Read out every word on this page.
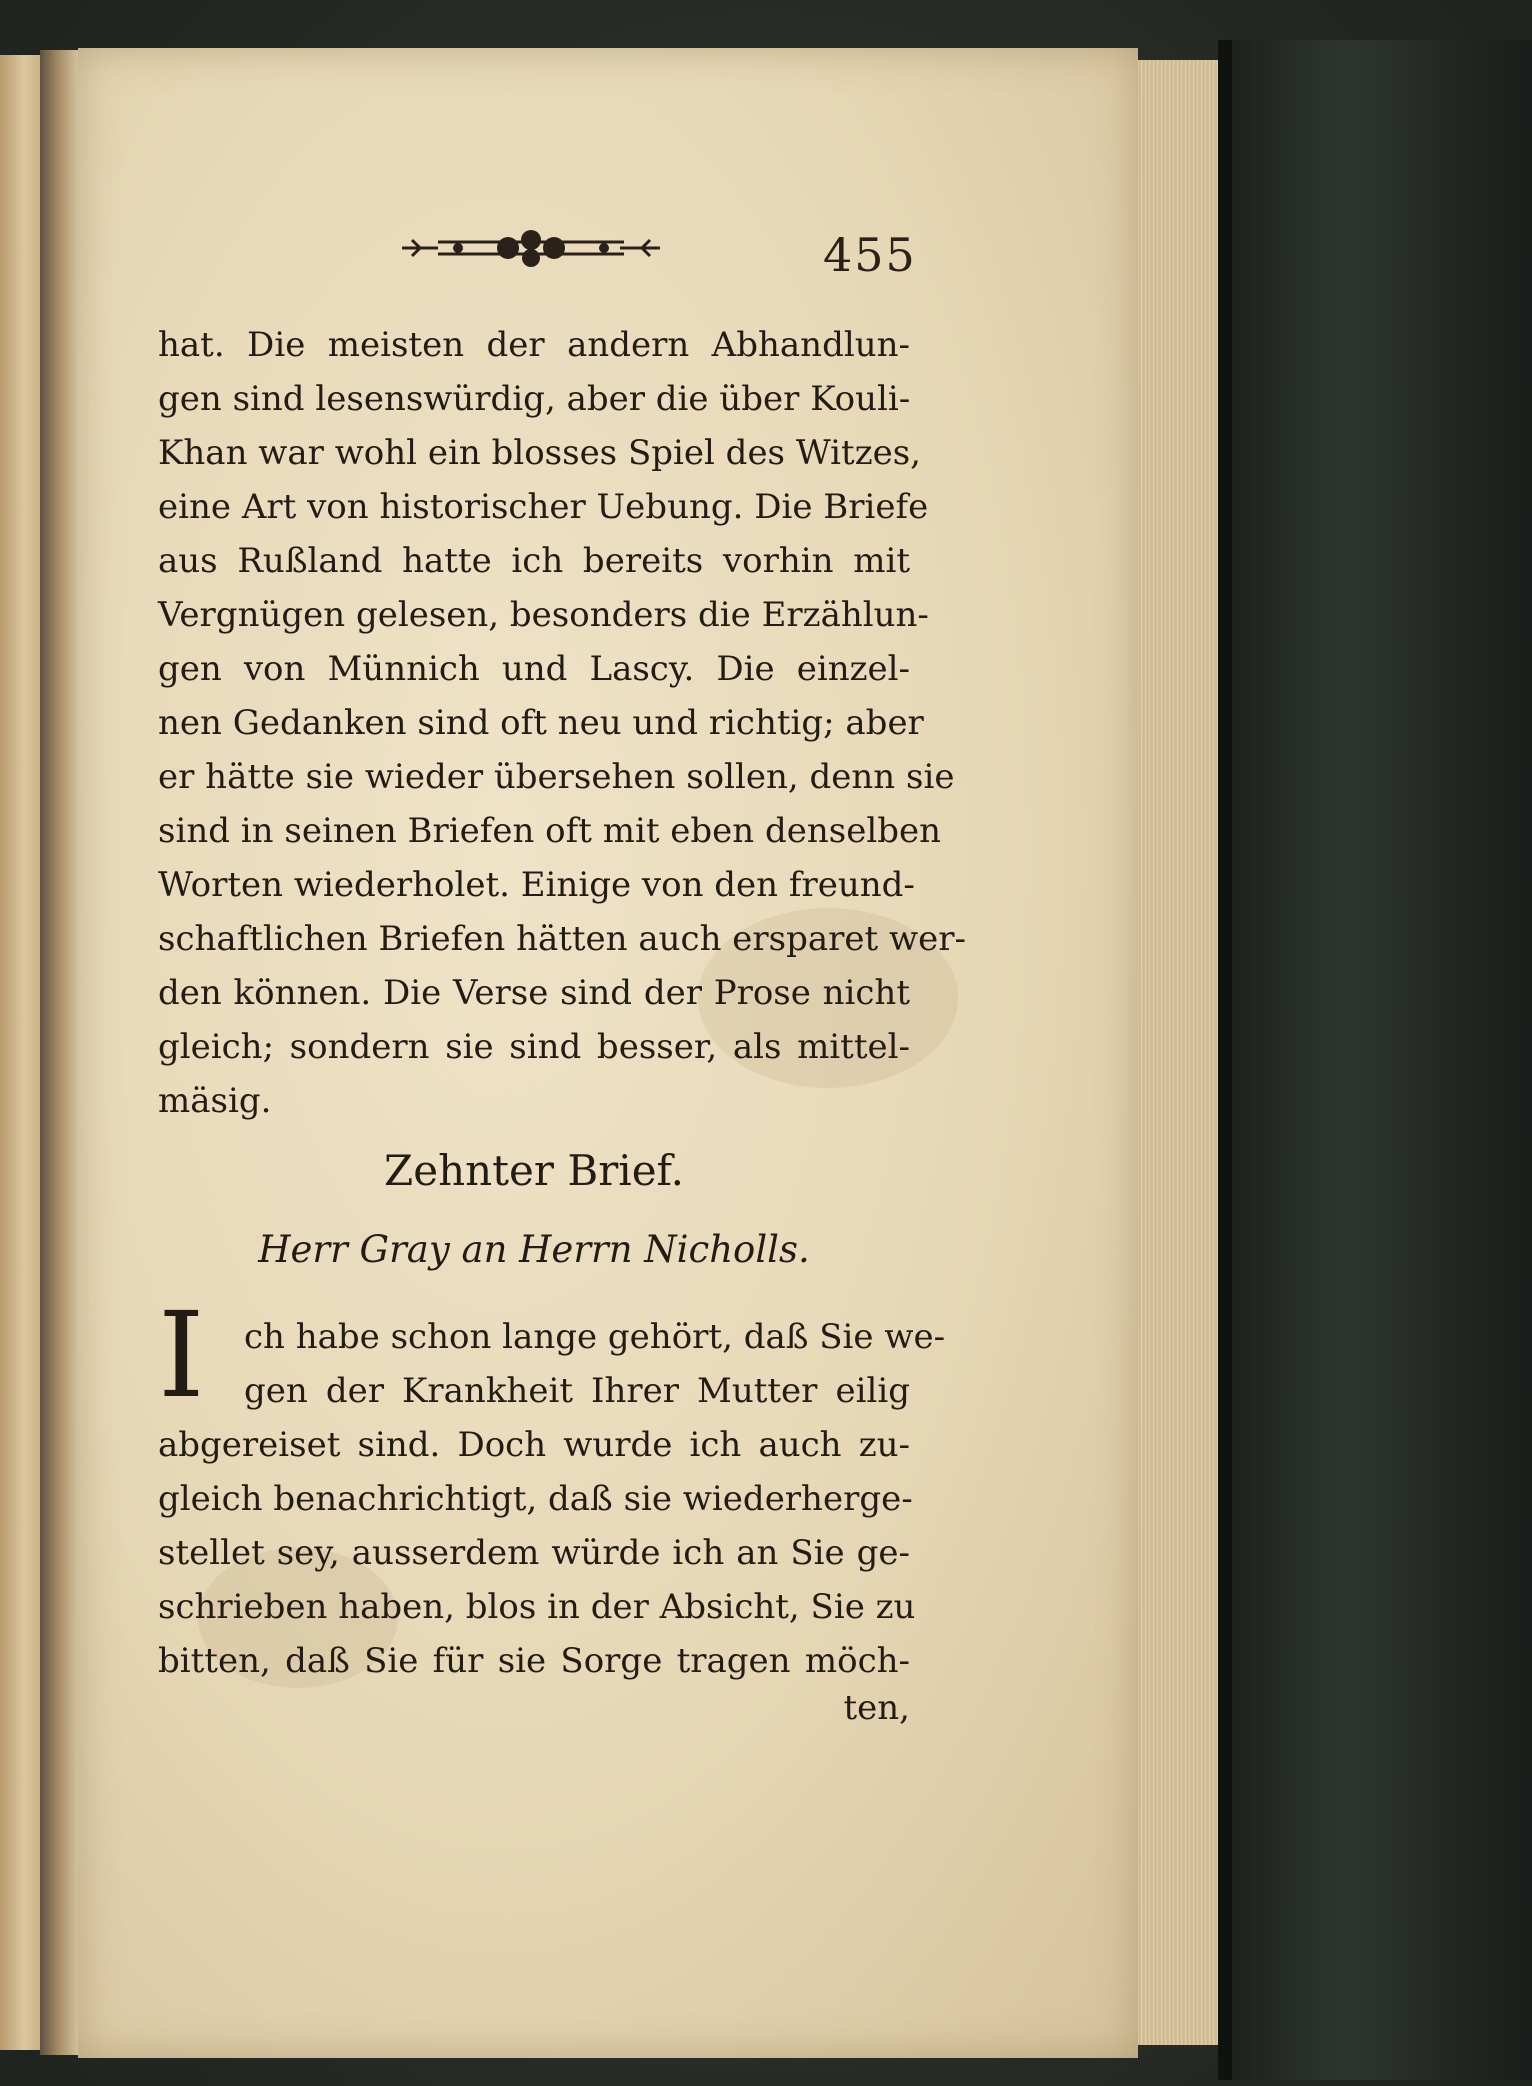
455
hat. Die meisten der andern Abhandlun-
gen sind lesenswürdig, aber die über Kouli-
Khan war wohl ein blosses Spiel des Witzes,
eine Art von historischer Uebung. Die Briefe
aus Rußland hatte ich bereits vorhin mit
Vergnügen gelesen, besonders die Erzählun-
gen von Münnich und Lascy. Die einzel-
nen Gedanken sind oft neu und richtig; aber
er hätte sie wieder übersehen sollen, denn sie
sind in seinen Briefen oft mit eben denselben
Worten wiederholet. Einige von den freund-
schaftlichen Briefen hätten auch ersparet wer-
den können. Die Verse sind der Prose nicht
gleich; sondern sie sind besser, als mittel-
mäsig.
Zehnter Brief.
Herr Gray an Herrn Nicholls.
I	ch habe schon lange gehört, daß Sie we-
gen der Krankheit Ihrer Mutter eilig
abgereiset sind. Doch wurde ich auch zu-
gleich benachrichtigt, daß sie wiederherge-
stellet sey, ausserdem würde ich an Sie ge-
schrieben haben, blos in der Absicht, Sie zu
bitten, daß Sie für sie Sorge tragen möch-
ten,
